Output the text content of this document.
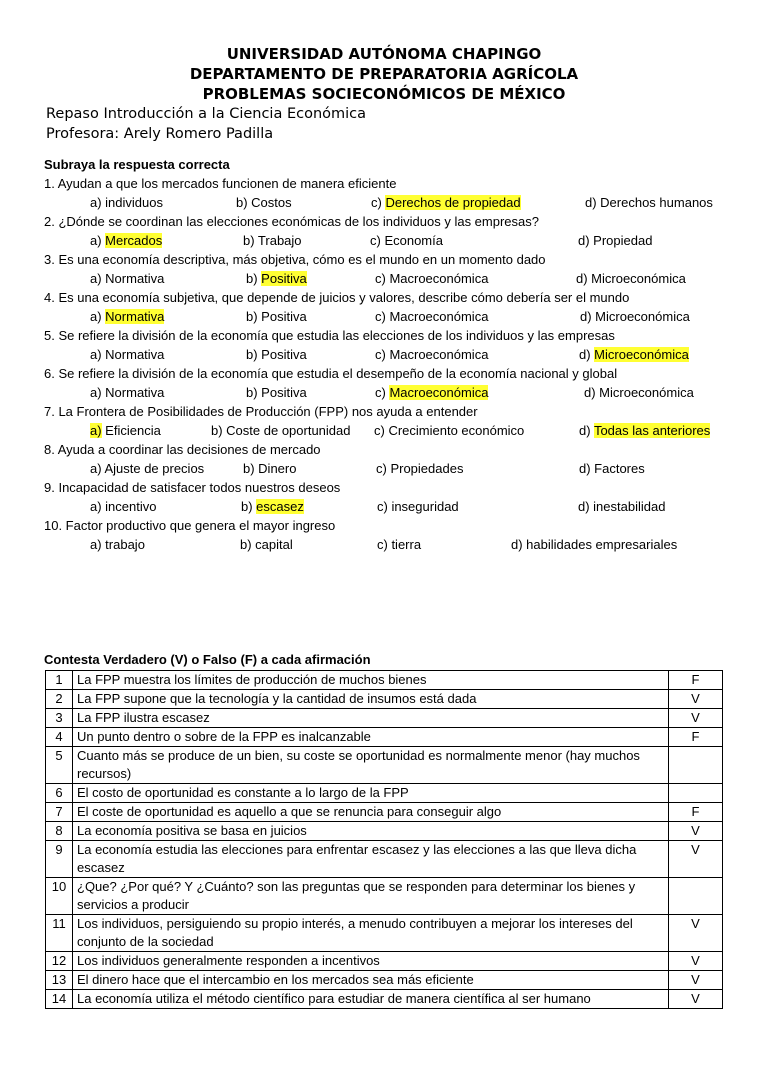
UNIVERSIDAD AUTÓNOMA CHAPINGO
DEPARTAMENTO DE PREPARATORIA AGRÍCOLA
PROBLEMAS SOCIECONÓMICOS DE MÉXICO
Repaso Introducción a la Ciencia Económica
Profesora: Arely Romero Padilla
Subraya la respuesta correcta
1. Ayudan a que los mercados funcionen de manera eficiente
a) individuos	b) Costos	c) Derechos de propiedad	d) Derechos humanos
2. ¿Dónde se coordinan las elecciones económicas de los individuos y las empresas?
a) Mercados	b) Trabajo	c) Economía	d) Propiedad
3. Es una economía descriptiva, más objetiva, cómo es el mundo en un momento dado
a) Normativa	b) Positiva	c) Macroeconómica	d) Microeconómica
4. Es una economía subjetiva, que depende de juicios y valores, describe cómo debería ser el mundo
a) Normativa	b) Positiva	c) Macroeconómica	d) Microeconómica
5. Se refiere la división de la economía que estudia las elecciones de los individuos y las empresas
a) Normativa	b) Positiva	c) Macroeconómica	d) Microeconómica
6. Se refiere la división de la economía que estudia el desempeño de la economía nacional y global
a) Normativa	b) Positiva	c) Macroeconómica	d) Microeconómica
7. La Frontera de Posibilidades de Producción (FPP) nos ayuda a entender
a) Eficiencia	b) Coste de oportunidad c) Crecimiento económico	d) Todas las anteriores
8. Ayuda a coordinar las decisiones de mercado
a) Ajuste de precios	b) Dinero	c) Propiedades	d) Factores
9. Incapacidad de satisfacer todos nuestros deseos
a) incentivo	b) escasez	c) inseguridad	d) inestabilidad
10. Factor productivo que genera el mayor ingreso
a) trabajo	b) capital	c) tierra	d) habilidades empresariales
Contesta Verdadero (V) o Falso (F) a cada afirmación
1	La FPP muestra los límites de producción de muchos bienes	F
2	La FPP supone que la tecnología y la cantidad de insumos está dada	V
3	La FPP ilustra escasez	V
4	Un punto dentro o sobre de la FPP es inalcanzable	F
5	Cuanto más se produce de un bien, su coste se oportunidad es normalmente menor (hay muchos recursos)	
6	El costo de oportunidad es constante a lo largo de la FPP	
7	El coste de oportunidad es aquello a que se renuncia para conseguir algo	F
8	La economía positiva se basa en juicios	V
9	La economía estudia las elecciones para enfrentar escasez y las elecciones a las que lleva dicha escasez	V
10	¿Que? ¿Por qué? Y ¿Cuánto? son las preguntas que se responden para determinar los bienes y servicios a producir	
11	Los individuos, persiguiendo su propio interés, a menudo contribuyen a mejorar los intereses del conjunto de la sociedad	V
12	Los individuos generalmente responden a incentivos	V
13	El dinero hace que el intercambio en los mercados sea más eficiente	V
14	La economía utiliza el método científico para estudiar de manera científica al ser humano	V
